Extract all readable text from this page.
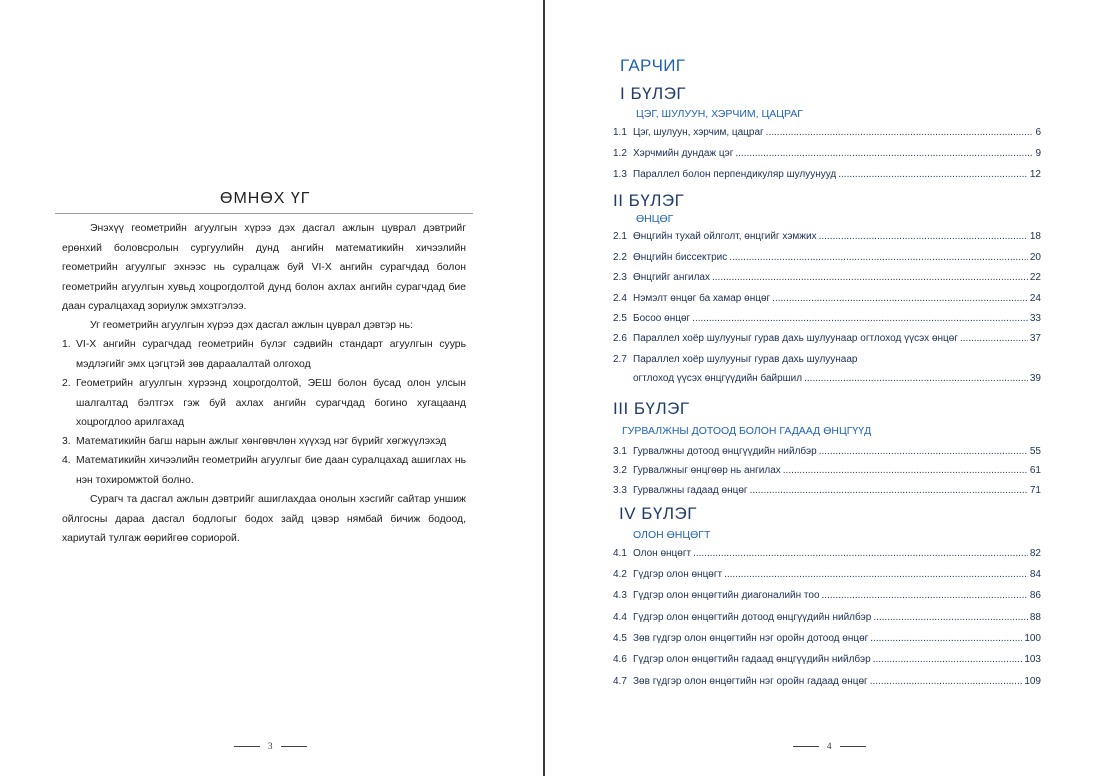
ӨМНӨХ ҮГ
Энэхүү геометрийн агуулгын хүрээ дэх дасгал ажлын цуврал дэвтрийг ерөнхий боловсролын сургуулийн дунд ангийн математикийн хичээлийн геометрийн агуулгыг эхнээс нь суралцаж буй VI-X ангийн сурагчдад болон геометрийн агуулгын хувьд хоцрогдолтой дунд болон ахлах ангийн сурагчдад бие даан суралцахад зориулж эмхэтгэлээ.
Уг геометрийн агуулгын хүрээ дэх дасгал ажлын цуврал дэвтэр нь:
1. VI-X ангийн сурагчдад геометрийн бүлэг сэдвийн стандарт агуулгын суурь мэдлэгийг эмх цэгцтэй зөв дараалалтай олгоход
2. Геометрийн агуулгын хүрээнд хоцрогдолтой, ЭЕШ болон бусад олон улсын шалгалтад бэлтгэх гэж буй ахлах ангийн сурагчдад богино хугацаанд хоцрогдлоо арилгахад
3. Математикийн багш нарын ажлыг хөнгөвчлөн хүүхэд нэг бүрийг хөгжүүлэхэд
4. Математикийн хичээлийн геометрийн агуулгыг бие даан суралцахад ашиглах нь нэн тохиромжтой болно.
Сурагч та дасгал ажлын дэвтрийг ашиглахдаа онолын хэсгийг сайтар уншиж ойлгосны дараа дасгал бодлогыг бодох зайд цэвэр нямбай бичиж бодоод, хариутай тулгаж өөрийгөө сориорой.
3
ГАРЧИГ
I БҮЛЭГ
ЦЭГ, ШУЛУУН, ХЭРЧИМ, ЦАЦРАГ
1.1 Цэг, шулуун, хэрчим, цацраг .....	6
1.2 Хэрчмийн дундаж цэг .....	9
1.3 Параллел болон перпендикуляр шулуунууд .....	12
II БҮЛЭГ
ӨНЦӨГ
2.1 Өнцгийн тухай ойлголт, өнцгийг хэмжих .....	18
2.2 Өнцгийн биссектрис .....	20
2.3 Өнцгийг ангилах .....	22
2.4 Нэмэлт өнцөг ба хамар өнцөг .....	24
2.5 Босоо өнцөг .....	33
2.6 Параллел хоёр шулууныг гурав дахь шулуунаар огтлоход үүсэх өнцөг .....	37
2.7 Параллел хоёр шулууныг гурав дахь шулуунаар
огтлоход үүсэх өнцгүүдийн байршил .....	39
III БҮЛЭГ
ГУРВАЛЖНЫ ДОТООД БОЛОН ГАДААД ӨНЦГҮҮД
3.1 Гурвалжны дотоод өнцгүүдийн нийлбэр .....	55
3.2 Гурвалжныг өнцгөөр нь ангилах .....	61
3.3 Гурвалжны гадаад өнцөг .....	71
IV БҮЛЭГ
ОЛОН ӨНЦӨГТ
4.1 Олон өнцөгт .....	82
4.2 Гүдгэр олон өнцөгт .....	84
4.3 Гүдгэр олон өнцөгтийн диагоналийн тоо .....	86
4.4 Гүдгэр олон өнцөгтийн дотоод өнцгүүдийн нийлбэр .....	88
4.5 Зөв гүдгэр олон өнцөгтийн нэг оройн дотоод өнцөг .....	100
4.6 Гүдгэр олон өнцөгтийн гадаад өнцгүүдийн нийлбэр .....	103
4.7 Зөв гүдгэр олон өнцөгтийн нэг оройн гадаад өнцөг .....	109
4
